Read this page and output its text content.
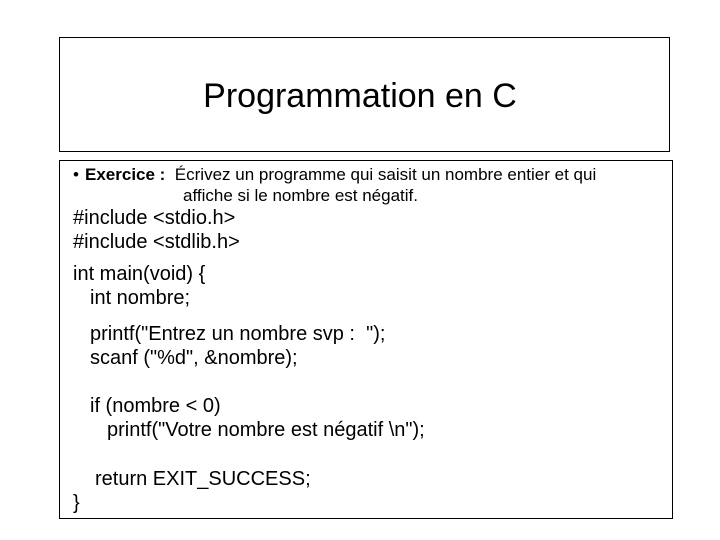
Programmation en C
• Exercice : Écrivez un programme qui saisit un nombre entier et qui
affiche si le nombre est négatif.
#include <stdio.h>
#include <stdlib.h>
int main(void) {
int nombre;
printf("Entrez un nombre svp :  ");
scanf ("%d", &nombre);
if (nombre < 0)
printf("Votre nombre est négatif \n");
return EXIT_SUCCESS;
}
